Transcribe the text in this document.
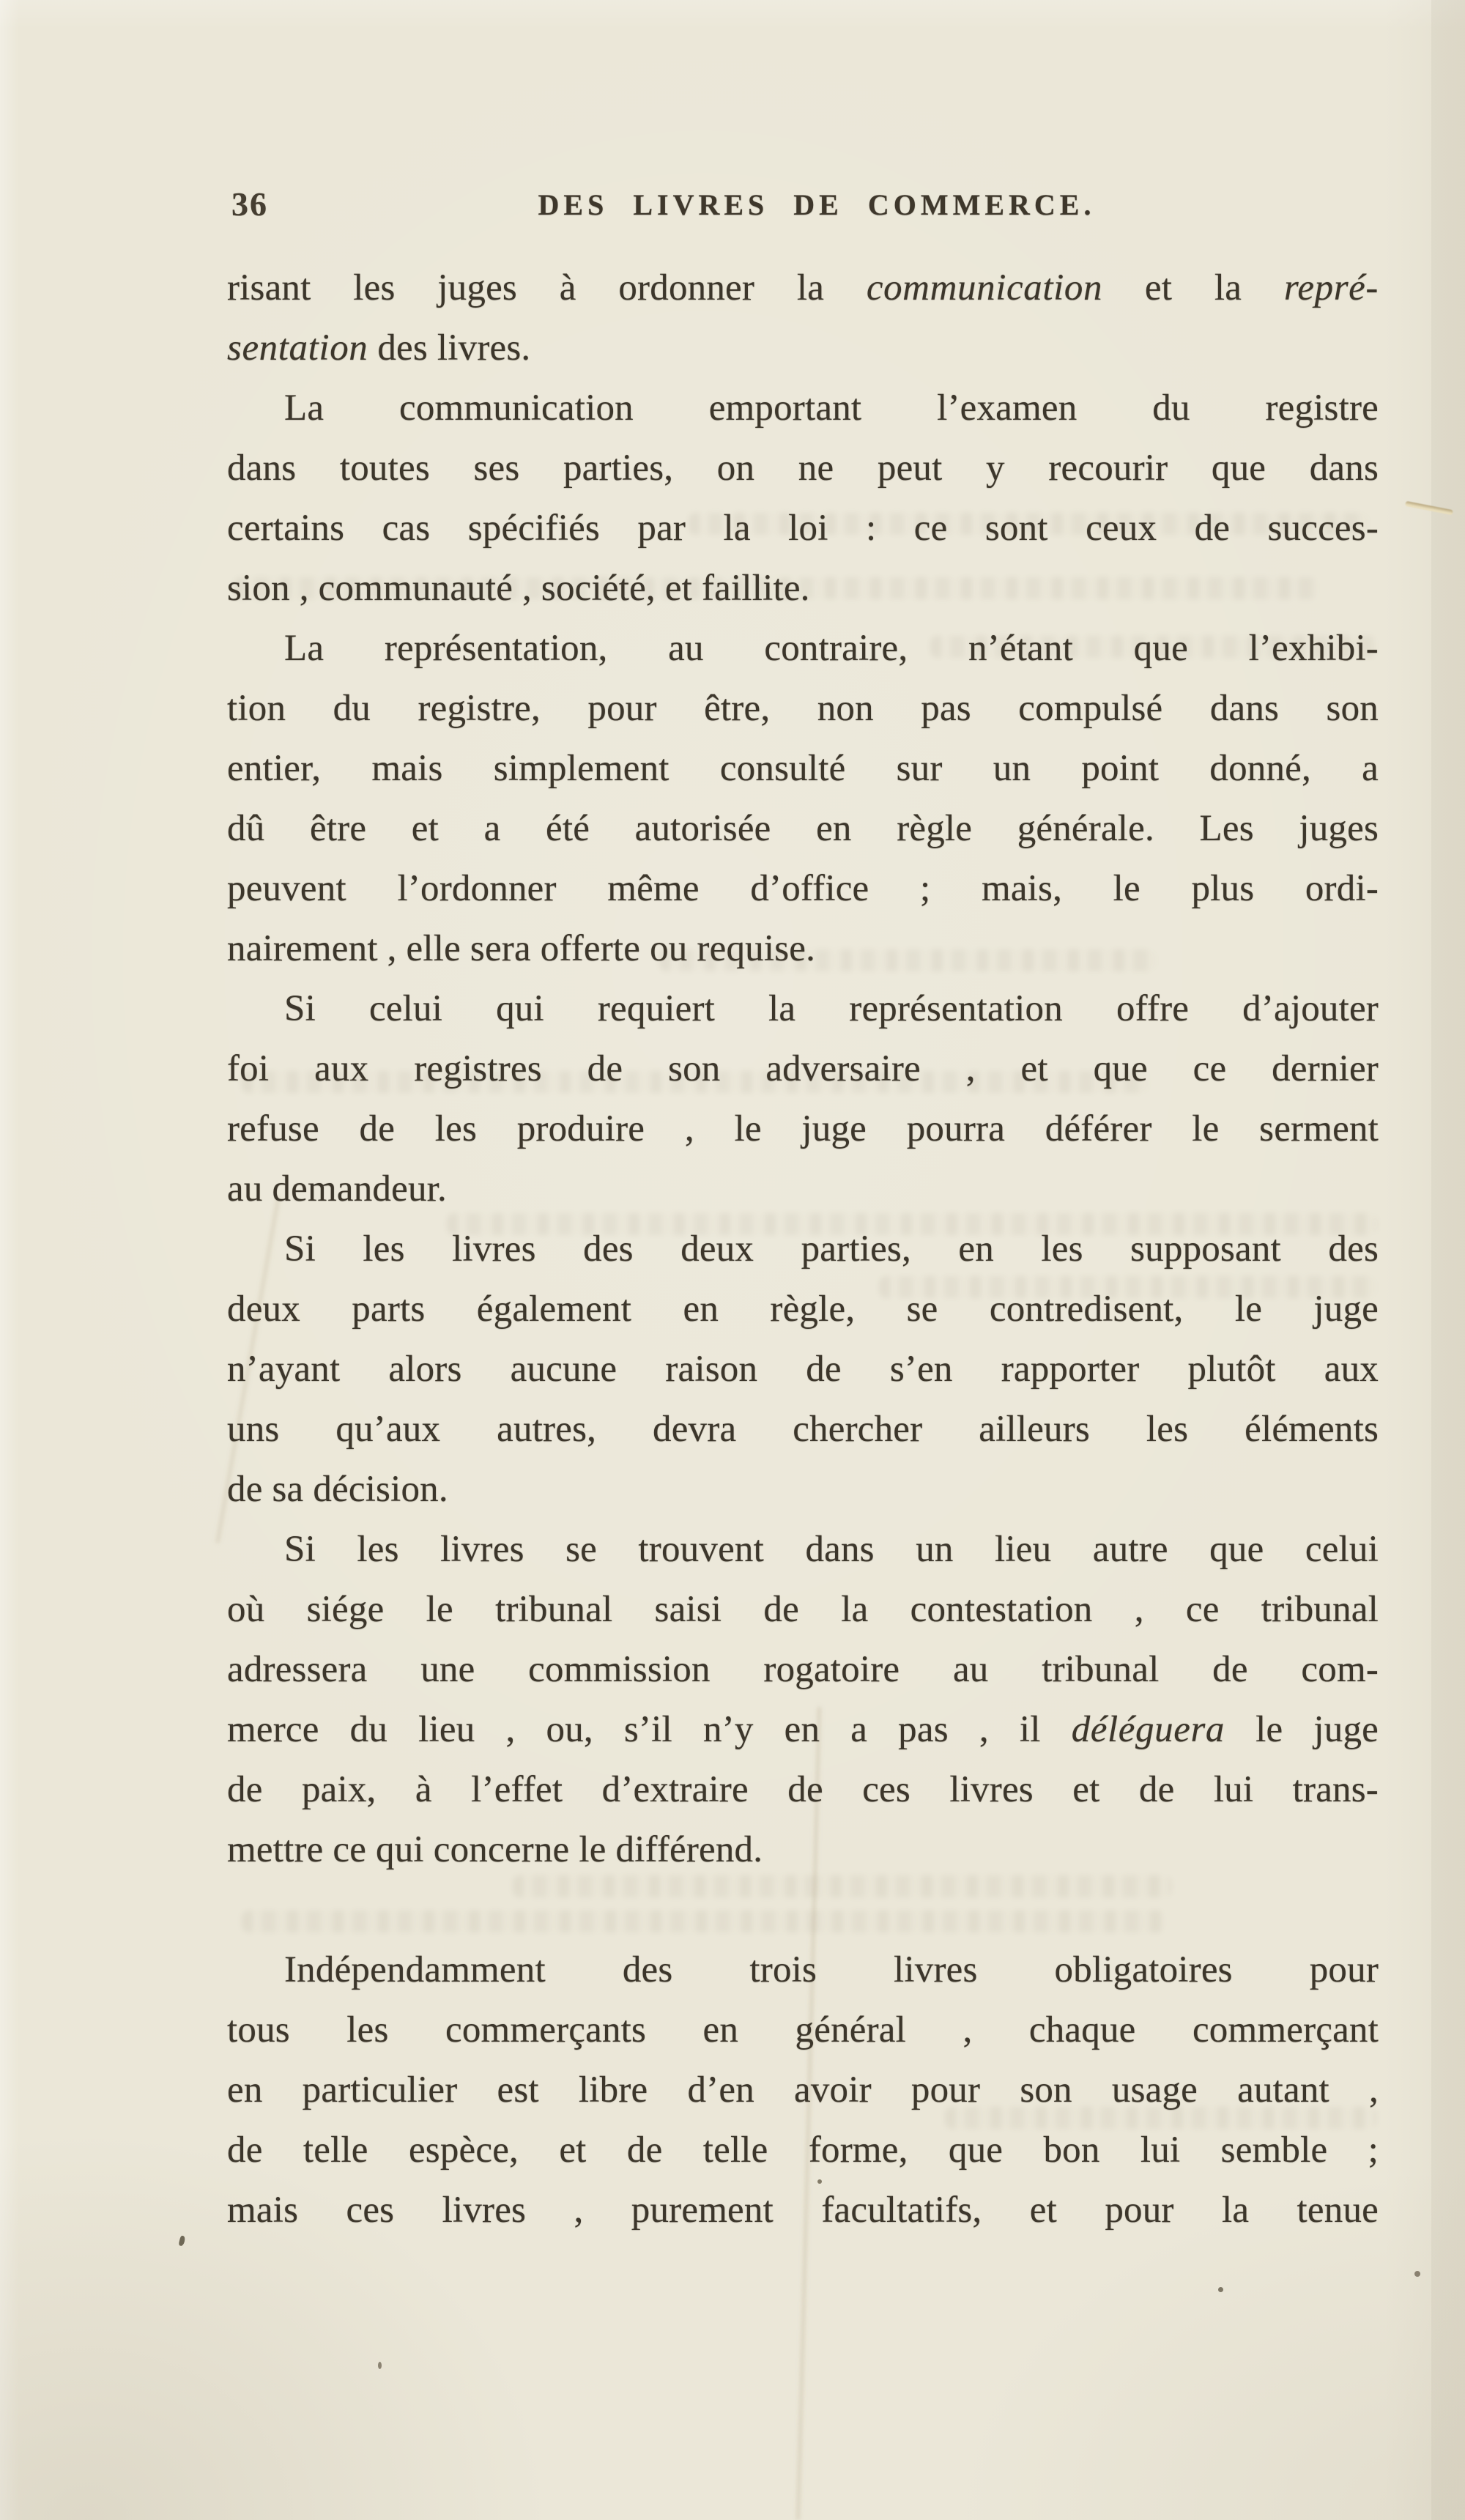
36	DES LIVRES DE COMMERCE.
risant les juges à ordonner la communication et la repré-
sentation des livres.
La communication emportant l’examen du registre
dans toutes ses parties, on ne peut y recourir que dans
certains cas spécifiés par la loi : ce sont ceux de succes-
sion , communauté , société, et faillite.
La représentation, au contraire, n’étant que l’exhibi-
tion du registre, pour être, non pas compulsé dans son
entier, mais simplement consulté sur un point donné, a
dû être et a été autorisée en règle générale. Les juges
peuvent l’ordonner même d’office ; mais, le plus ordi-
nairement , elle sera offerte ou requise.
Si celui qui requiert la représentation offre d’ajouter
foi aux registres de son adversaire , et que ce dernier
refuse de les produire , le juge pourra déférer le serment
au demandeur.
Si les livres des deux parties, en les supposant des
deux parts également en règle, se contredisent, le juge
n’ayant alors aucune raison de s’en rapporter plutôt aux
uns qu’aux autres, devra chercher ailleurs les éléments
de sa décision.
Si les livres se trouvent dans un lieu autre que celui
où siége le tribunal saisi de la contestation , ce tribunal
adressera une commission rogatoire au tribunal de com-
merce du lieu , ou, s’il n’y en a pas , il déléguera le juge
de paix, à l’effet d’extraire de ces livres et de lui trans-
mettre ce qui concerne le différend.
Indépendamment des trois livres obligatoires pour
tous les commerçants en général , chaque commerçant
en particulier est libre d’en avoir pour son usage autant ,
de telle espèce, et de telle forme, que bon lui semble ;
mais ces livres , purement facultatifs, et pour la tenue
